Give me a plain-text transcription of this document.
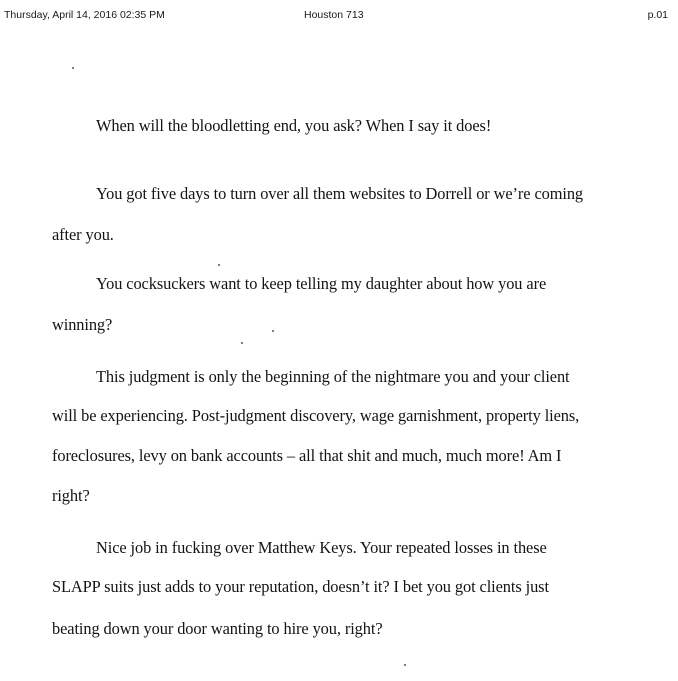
Thursday, April 14, 2016 02:35 PM	Houston 713	p.01
When will the bloodletting end, you ask? When I say it does!
You got five days to turn over all them websites to Dorrell or we’re coming
after you.
You cocksuckers want to keep telling my daughter about how you are
winning?
This judgment is only the beginning of the nightmare you and your client
will be experiencing. Post-judgment discovery, wage garnishment, property liens,
foreclosures, levy on bank accounts – all that shit and much, much more! Am I
right?
Nice job in fucking over Matthew Keys. Your repeated losses in these
SLAPP suits just adds to your reputation, doesn’t it? I bet you got clients just
beating down your door wanting to hire you, right?
